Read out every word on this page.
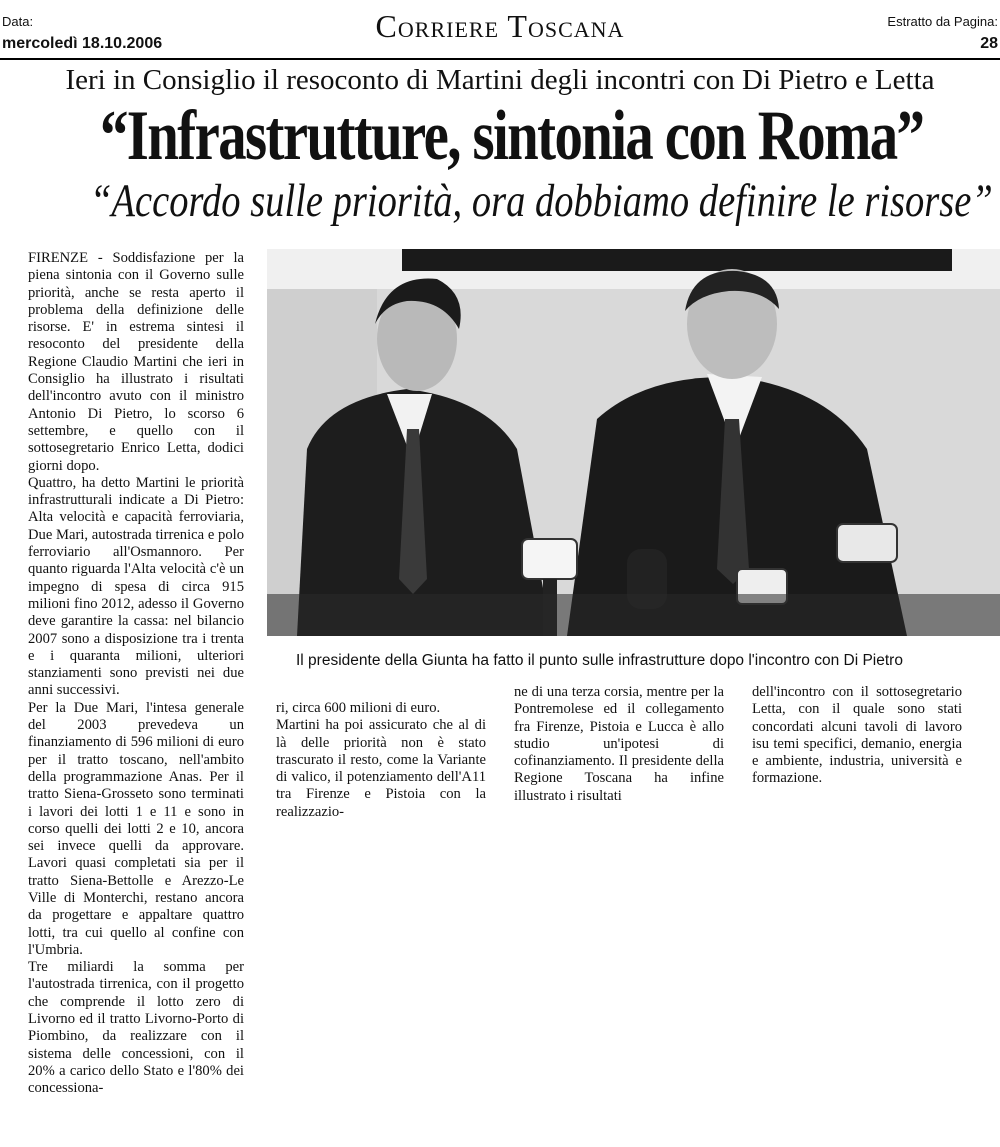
Data:
mercoledì 18.10.2006	Corriere Toscana	Estratto da Pagina:
28
Ieri in Consiglio il resoconto di Martini degli incontri con Di Pietro e Letta
“Infrastrutture, sintonia con Roma”
“Accordo sulle priorità, ora dobbiamo definire le risorse”

FIRENZE - Soddisfazione per la piena sintonia con il Governo sulle priorità, anche se resta aperto il problema della definizione delle risorse. E' in estrema sintesi il resoconto del presidente della Regione Claudio Martini che ieri in Consiglio ha illustrato i risultati dell'incontro avuto con il ministro Antonio Di Pietro, lo scorso 6 settembre, e quello con il sottosegretario Enrico Letta, dodici giorni dopo.

Quattro, ha detto Martini le priorità infrastrutturali indicate a Di Pietro: Alta velocità e capacità ferroviaria, Due Mari, autostrada tirrenica e polo ferroviario all'Osmannoro. Per quanto riguarda l'Alta velocità c'è un impegno di spesa di circa 915 milioni fino 2012, adesso il Governo deve garantire la cassa: nel bilancio 2007 sono a disposizione tra i trenta e i quaranta milioni, ulteriori stanziamenti sono previsti nei due anni successivi.

Per la Due Mari, l'intesa generale del 2003 prevedeva un finanziamento di 596 milioni di euro per il tratto toscano, nell'ambito della programmazione Anas. Per il tratto Siena-Grosseto sono terminati i lavori dei lotti 1 e 11 e sono in corso quelli dei lotti 2 e 10, ancora sei invece quelli da approvare. Lavori quasi completati sia per il tratto Siena-Bettolle e Arezzo-Le Ville di Monterchi, restano ancora da progettare e appaltare quattro lotti, tra cui quello al confine con l'Umbria.

Tre miliardi la somma per l'autostrada tirrenica, con il progetto che comprende il lotto zero di Livorno ed il tratto Livorno-Porto di Piombino, da realizzare con il sistema delle concessioni, con il 20% a carico dello Stato e l'80% dei concessiona-

Il presidente della Giunta ha fatto il punto sulle infrastrutture dopo l'incontro con Di Pietro

ri, circa 600 milioni di euro.

Martini ha poi assicurato che al di là delle priorità non è stato trascurato il resto, come la Variante di valico, il potenziamento dell'A11 tra Firenze e Pistoia con la realizzazio-

ne di una terza corsia, mentre per la Pontremolese ed il collegamento fra Firenze, Pistoia e Lucca è allo studio un'ipotesi di cofinanziamento. Il presidente della Regione Toscana ha infine illustrato i risultati

dell'incontro con il sottosegretario Letta, con il quale sono stati concordati alcuni tavoli di lavoro isu temi specifici, demanio, energia e ambiente, industria, università e formazione.
